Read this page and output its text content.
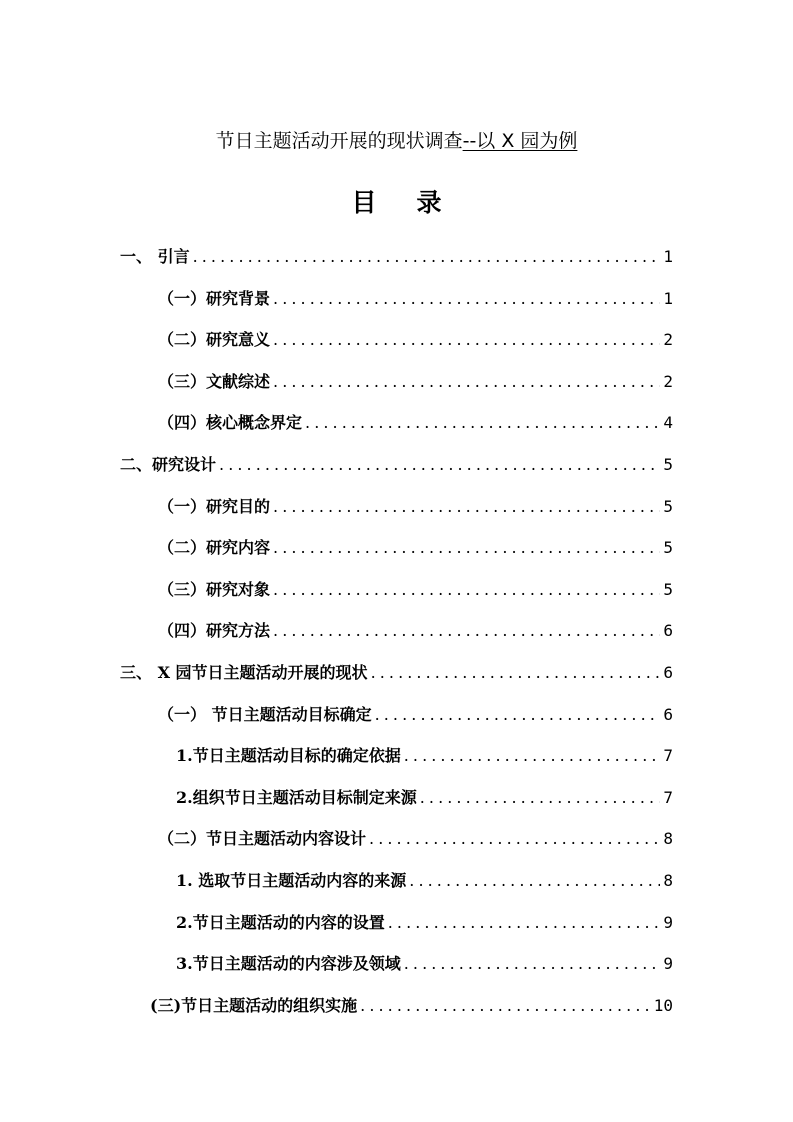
节日主题活动开展的现状调查--以 X 园为例
目录
一、 引言 . . .	1
（一）研究背景 . . .	1
（二）研究意义 . . .	2
（三）文献综述 . . .	2
（四）核心概念界定 . . .	4
二、研究设计 . . .	5
（一）研究目的 . . .	5
（二）研究内容 . . .	5
（三）研究对象 . . .	5
（四）研究方法 . . .	6
三、 X 园节日主题活动开展的现状 . . .	6
（一） 节日主题活动目标确定 . . .	6
1.节日主题活动目标的确定依据 . . .	7
2.组织节日主题活动目标制定来源 . . .	7
（二）节日主题活动内容设计 . . .	8
1. 选取节日主题活动内容的来源 . . .	8
2.节日主题活动的内容的设置 . . .	9
3.节日主题活动的内容涉及领域 . . .	9
(三)节日主题活动的组织实施 . . .	10
